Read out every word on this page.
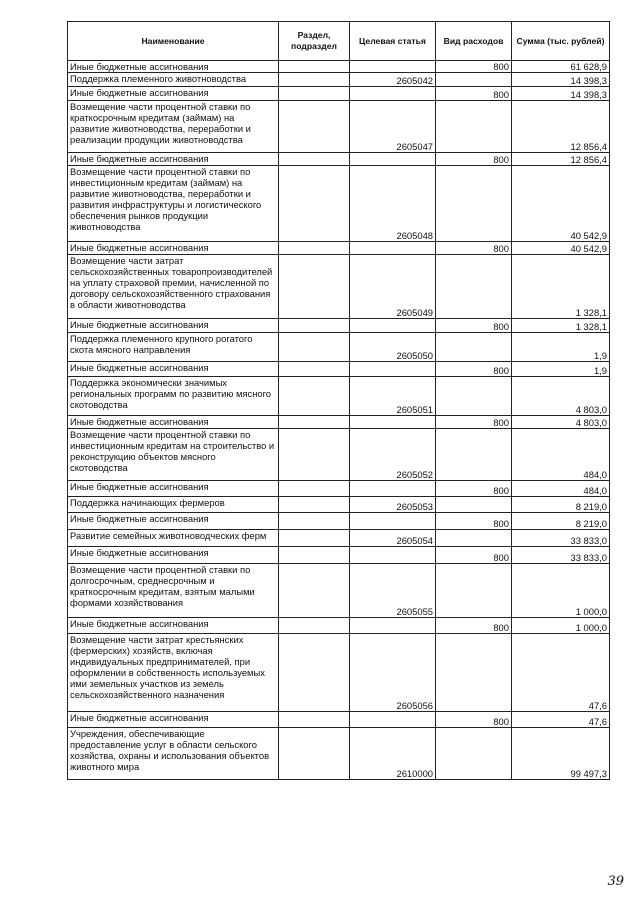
Наименование	Раздел, подраздел	Целевая статья	Вид расходов	Сумма (тыс. рублей)
Иные бюджетные ассигнования			800	61 628,9
Поддержка племенного животноводства		2605042		14 398,3
Иные бюджетные ассигнования			800	14 398,3
Возмещение части процентной ставки по краткосрочным кредитам (займам) на развитие животноводства, переработки и реализации продукции животноводства		2605047		12 856,4
Иные бюджетные ассигнования			800	12 856,4
Возмещение части процентной ставки по инвестиционным кредитам (займам) на развитие животноводства, переработки и развития инфраструктуры и логистического обеспечения рынков продукции животноводства		2605048		40 542,9
Иные бюджетные ассигнования			800	40 542,9
Возмещение части затрат сельскохозяйственных товаропроизводителей на уплату страховой премии, начисленной по договору сельскохозяйственного страхования в области животноводства		2605049		1 328,1
Иные бюджетные ассигнования			800	1 328,1
Поддержка племенного крупного рогатого скота мясного направления		2605050		1,9
Иные бюджетные ассигнования			800	1,9
Поддержка экономически значимых региональных программ по развитию мясного скотоводства		2605051		4 803,0
Иные бюджетные ассигнования			800	4 803,0
Возмещение части процентной ставки по инвестиционным кредитам на строительство и реконструкцию объектов мясного скотоводства		2605052		484,0
Иные бюджетные ассигнования			800	484,0
Поддержка начинающих фермеров		2605053		8 219,0
Иные бюджетные ассигнования			800	8 219,0
Развитие семейных животноводческих ферм		2605054		33 833,0
Иные бюджетные ассигнования			800	33 833,0
Возмещение части процентной ставки по долгосрочным, среднесрочным и краткосрочным кредитам, взятым малыми формами хозяйствования		2605055		1 000,0
Иные бюджетные ассигнования			800	1 000,0
Возмещение части затрат крестьянских (фермерских) хозяйств, включая индивидуальных предпринимателей, при оформлении в собственность используемых ими земельных участков из земель сельскохозяйственного назначения		2605056		47,6
Иные бюджетные ассигнования			800	47,6
Учреждения, обеспечивающие предоставление услуг в области сельского хозяйства, охраны и использования объектов животного мира		2610000		99 497,3
39
